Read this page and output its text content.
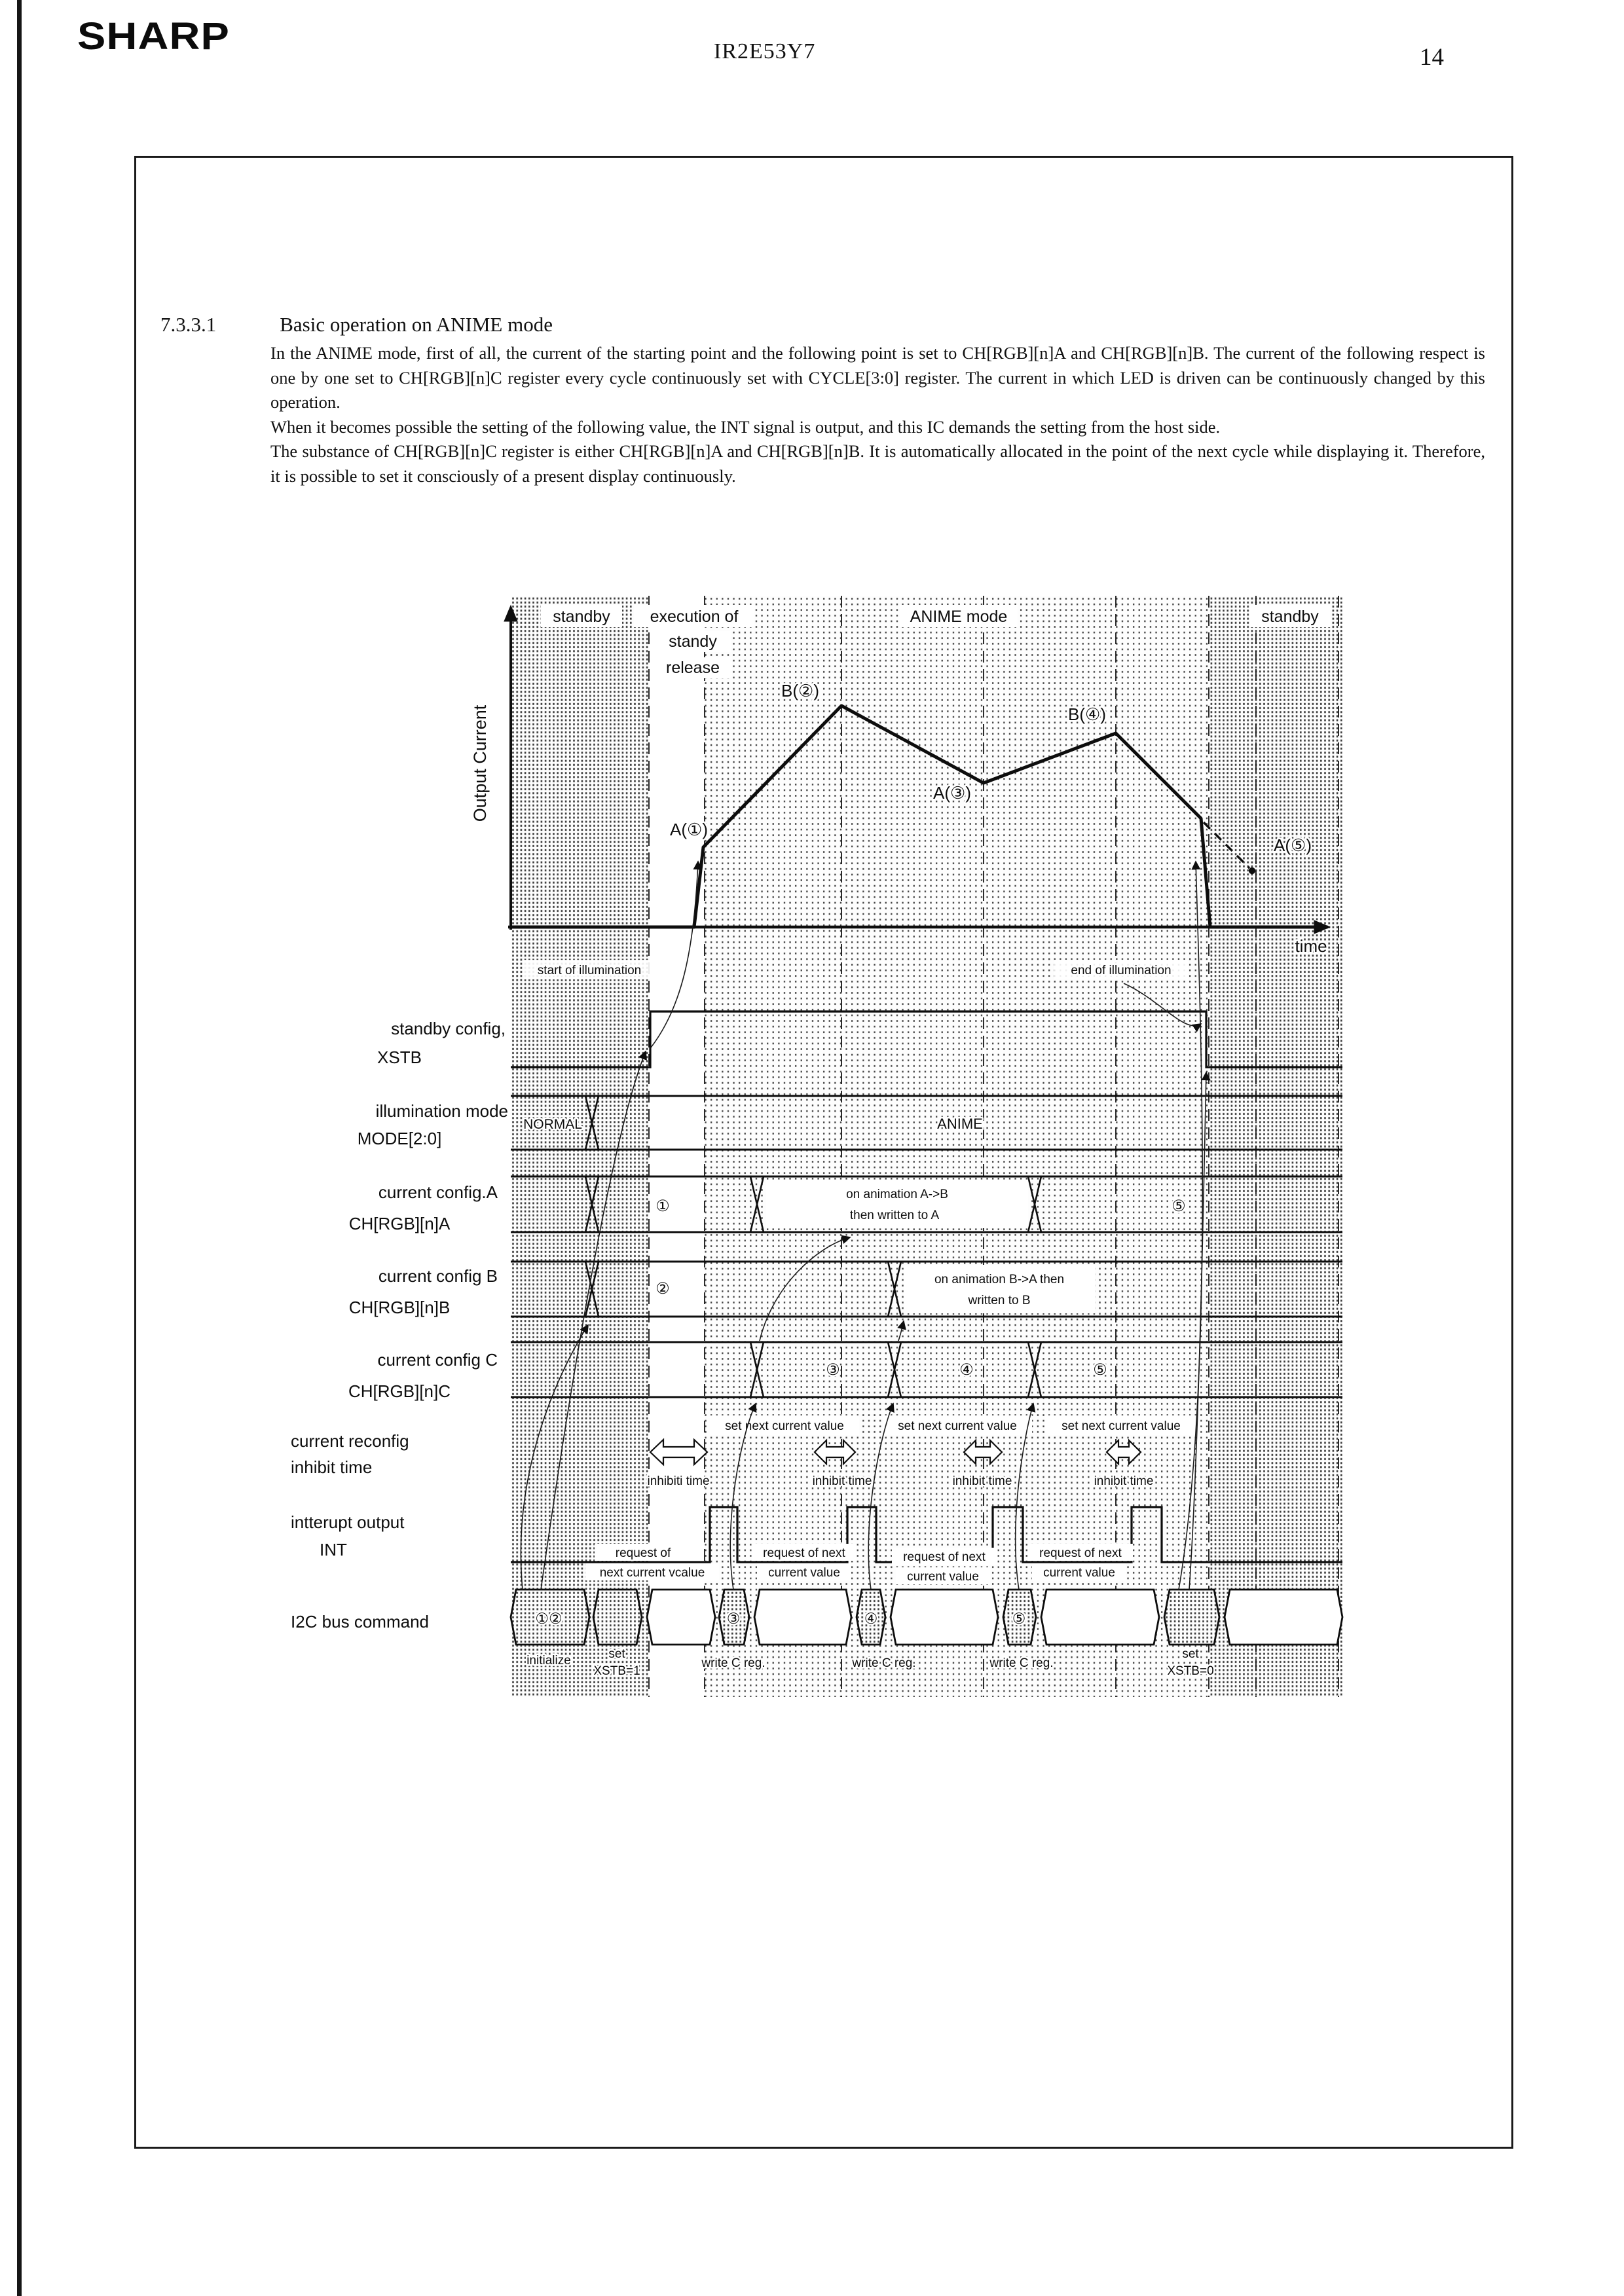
SHARP	IR2E53Y7	14
7.3.3.1	Basic operation on ANIME mode

In the ANIME mode, first of all, the current of the starting point and the following point is set to CH[RGB][n]A and CH[RGB][n]B. The current of the following respect is one by one set to CH[RGB][n]C register every cycle continuously set with CYCLE[3:0] register. The current in which LED is driven can be continuously changed by this operation.

When it becomes possible the setting of the following value, the INT signal is output, and this IC demands the setting from the host side.

The substance of CH[RGB][n]C register is either CH[RGB][n]A and CH[RGB][n]B. It is automatically allocated in the point of the next cycle while displaying it. Therefore, it is possible to set it consciously of a present display continuously.

Output Current
time
standby	execution of
standy
release
ANIME mode	standby
A(①)
B(②)
A(③)
B(④)
A(⑤)
start of illumination	end of illumination
NORMAL	ANIME
①	⑤
on animation A->B
then written to A
②
on animation B->A then
written to B
③	④	⑤
set next current value	set next current value	set next current value
inhibiti time	inhibit time	inhibit time	inhibit time
request of
next current vcalue
request of next
current value
request of next
current value
request of next
current value
①②	③	④	⑤
initialize	set
XSTB=1
write C reg.	write C reg.	write C reg.
set
XSTB=0
standby config,
XSTB
illumination mode
MODE[2:0]
current config.A
CH[RGB][n]A
current config B
CH[RGB][n]B
current config C
CH[RGB][n]C
current reconfig
inhibit time
intterupt output
INT
I2C bus command
